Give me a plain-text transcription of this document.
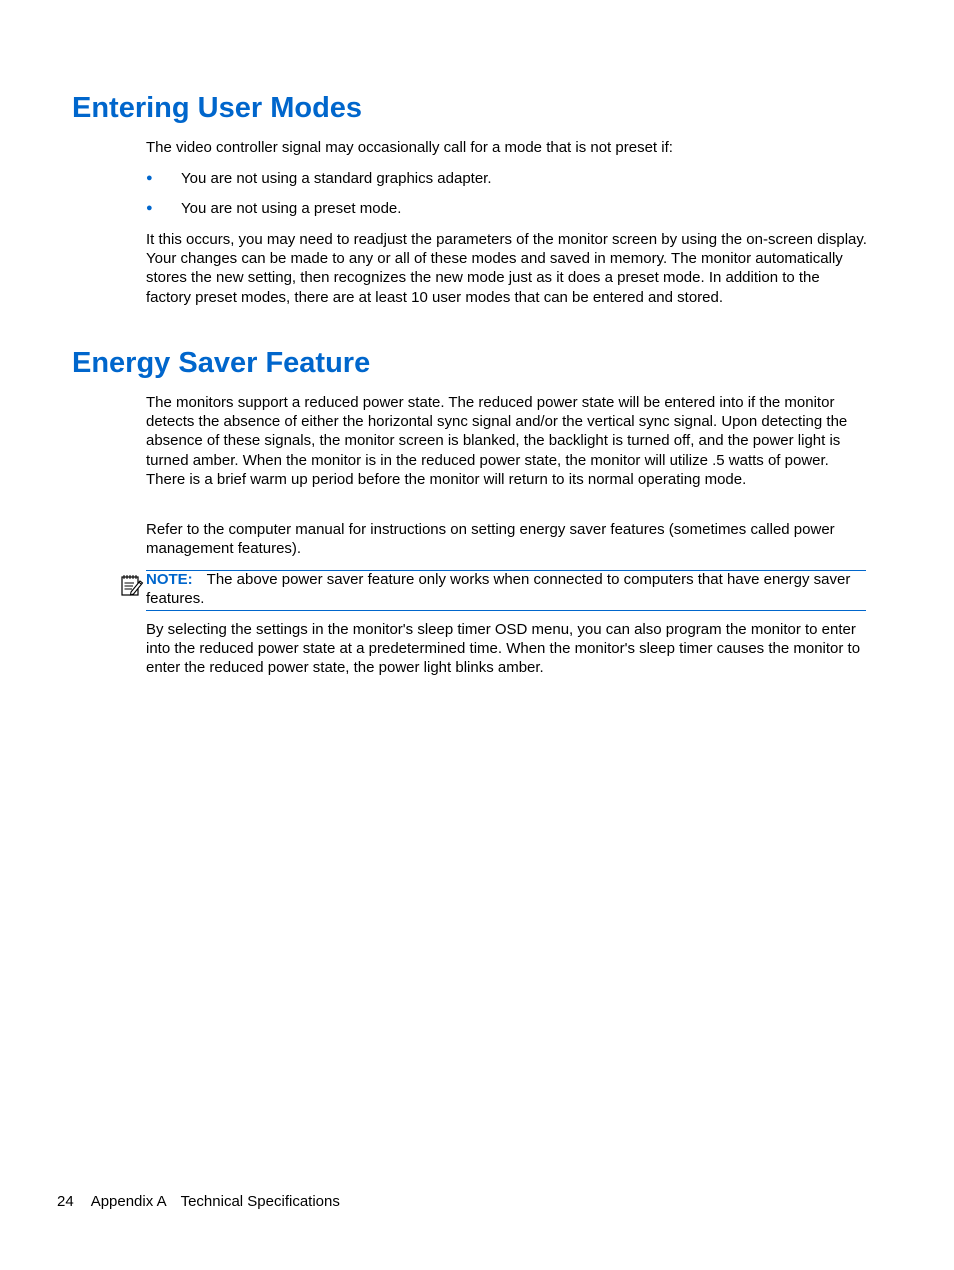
Entering User Modes

The video controller signal may occasionally call for a mode that is not preset if:

● You are not using a standard graphics adapter.
● You are not using a preset mode.

It this occurs, you may need to readjust the parameters of the monitor screen by using the on-screen display. Your changes can be made to any or all of these modes and saved in memory. The monitor automatically stores the new setting, then recognizes the new mode just as it does a preset mode. In addition to the factory preset modes, there are at least 10 user modes that can be entered and stored.

Energy Saver Feature

The monitors support a reduced power state. The reduced power state will be entered into if the monitor detects the absence of either the horizontal sync signal and/or the vertical sync signal. Upon detecting the absence of these signals, the monitor screen is blanked, the backlight is turned off, and the power light is turned amber. When the monitor is in the reduced power state, the monitor will utilize .5 watts of power. There is a brief warm up period before the monitor will return to its normal operating mode.

Refer to the computer manual for instructions on setting energy saver features (sometimes called power management features).

NOTE: The above power saver feature only works when connected to computers that have energy saver features.

By selecting the settings in the monitor's sleep timer OSD menu, you can also program the monitor to enter into the reduced power state at a predetermined time. When the monitor's sleep timer causes the monitor to enter the reduced power state, the power light blinks amber.

24 Appendix A Technical Specifications
